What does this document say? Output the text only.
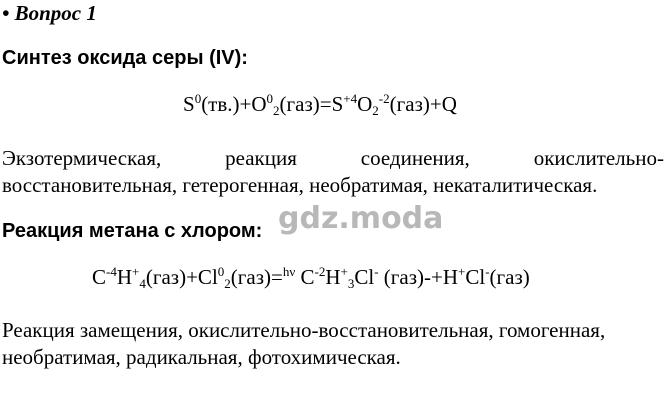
• Вопрос 1
Синтез оксида серы (IV):
$S^0(тв.)+O^0_2(газ)=S^{+4}O_2^{-2}(газ)+Q$
Экзотермическая,	реакция	соединения,	окислительно-
восстановительная, гетерогенная, необратимая, некаталитическая.
gdz.moda
Реакция метана с хлором:
$C^{-4}H^+_4(газ)+Cl^0_2(газ)=^{h\nu}$ $C^{-2}H^+_3Cl^-$ (газ)-+H+Cl-(газ)
Реакция замещения, окислительно-восстановительная, гомогенная,
необратимая, радикальная, фотохимическая.
